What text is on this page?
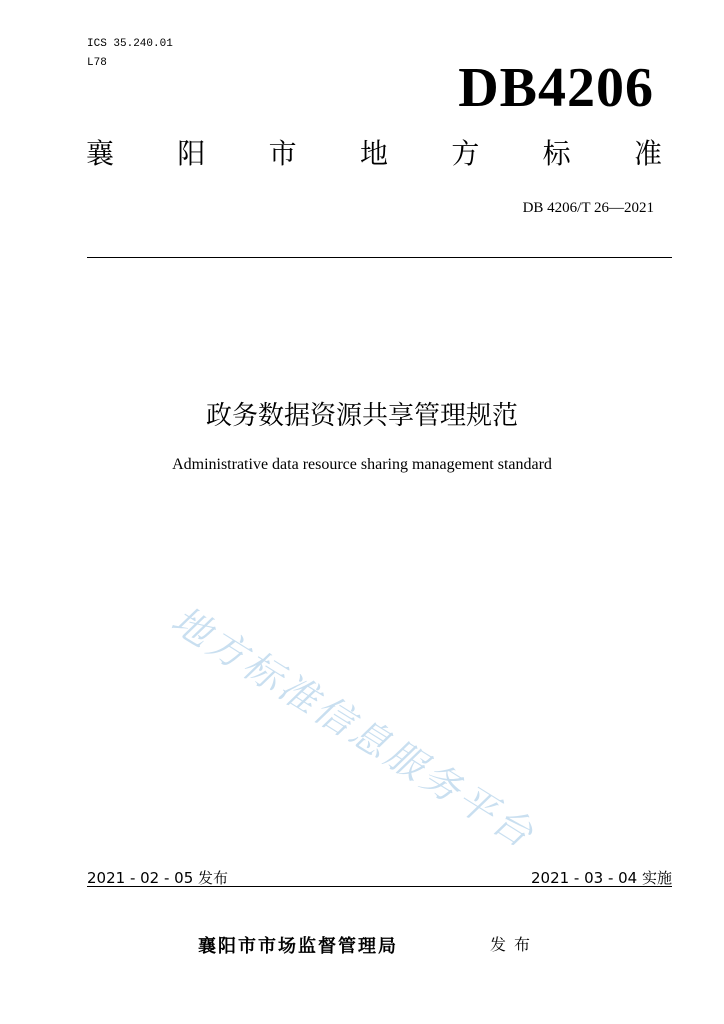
ICS 35.240.01
L78	DB4206
襄 阳 市 地 方 标 准
DB 4206/T 26—2021
政务数据资源共享管理规范
Administrative data resource sharing management standard
地方标准信息服务平台
2021 - 02 - 05 发布	2021 - 03 - 04 实施
襄阳市市场监督管理局	发布
